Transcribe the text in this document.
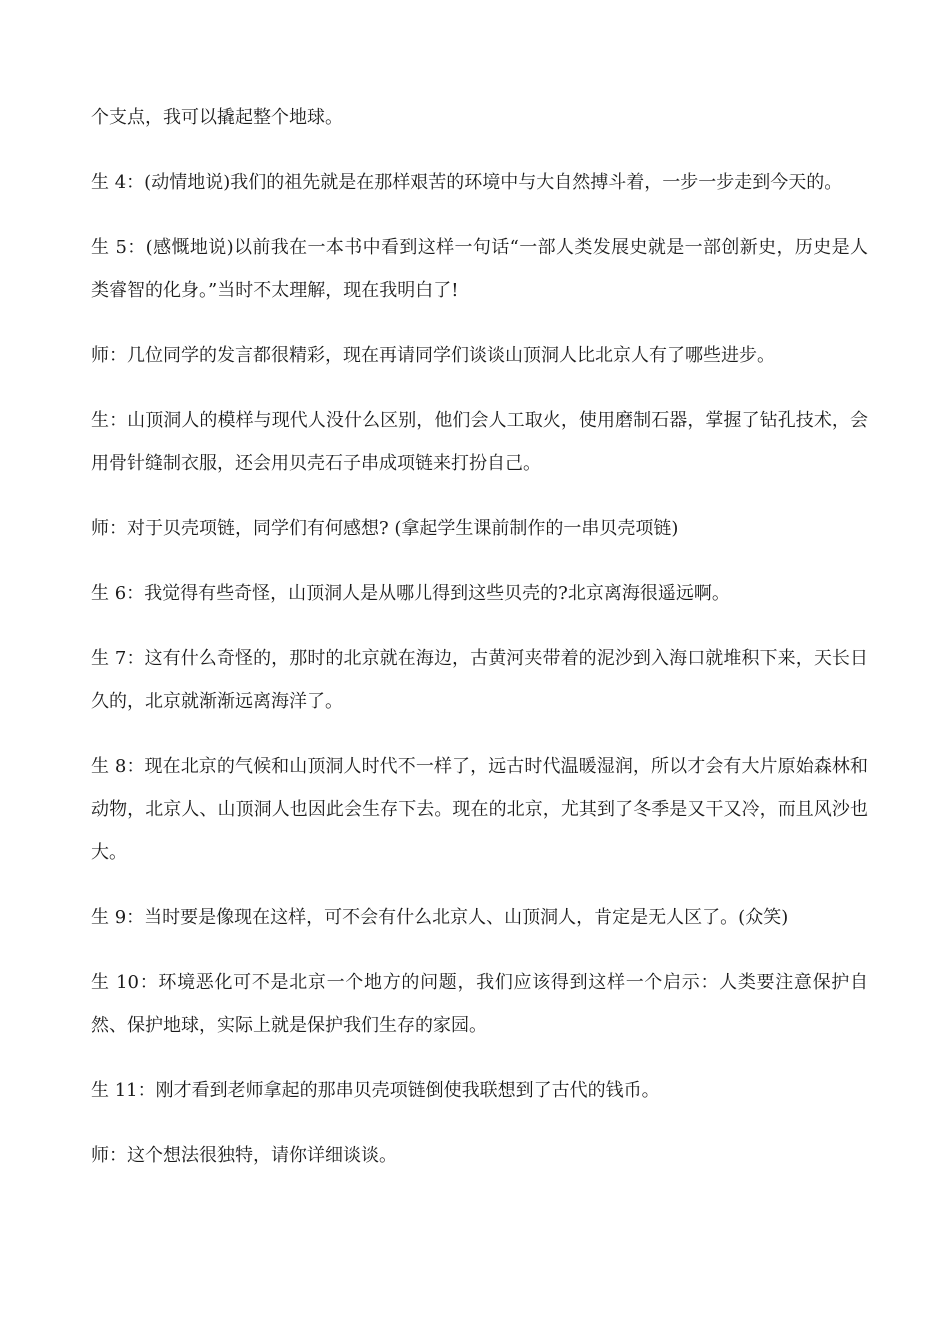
个支点，我可以撬起整个地球。

生 4：(动情地说)我们的祖先就是在那样艰苦的环境中与大自然搏斗着，一步一步走到今天的。

生 5：(感慨地说)以前我在一本书中看到这样一句话“一部人类发展史就是一部创新史，历史是人类睿智的化身。”当时不太理解，现在我明白了!

师：几位同学的发言都很精彩，现在再请同学们谈谈山顶洞人比北京人有了哪些进步。

生：山顶洞人的模样与现代人没什么区别，他们会人工取火，使用磨制石器，掌握了钻孔技术，会用骨针缝制衣服，还会用贝壳石子串成项链来打扮自己。

师：对于贝壳项链，同学们有何感想? (拿起学生课前制作的一串贝壳项链)

生 6：我觉得有些奇怪，山顶洞人是从哪儿得到这些贝壳的?北京离海很遥远啊。

生 7：这有什么奇怪的，那时的北京就在海边，古黄河夹带着的泥沙到入海口就堆积下来，天长日久的，北京就渐渐远离海洋了。

生 8：现在北京的气候和山顶洞人时代不一样了，远古时代温暖湿润，所以才会有大片原始森林和动物，北京人、山顶洞人也因此会生存下去。现在的北京，尤其到了冬季是又干又冷，而且风沙也大。

生 9：当时要是像现在这样，可不会有什么北京人、山顶洞人，肯定是无人区了。(众笑)

生 10：环境恶化可不是北京一个地方的问题，我们应该得到这样一个启示：人类要注意保护自然、保护地球，实际上就是保护我们生存的家园。

生 11：刚才看到老师拿起的那串贝壳项链倒使我联想到了古代的钱币。

师：这个想法很独特，请你详细谈谈。
